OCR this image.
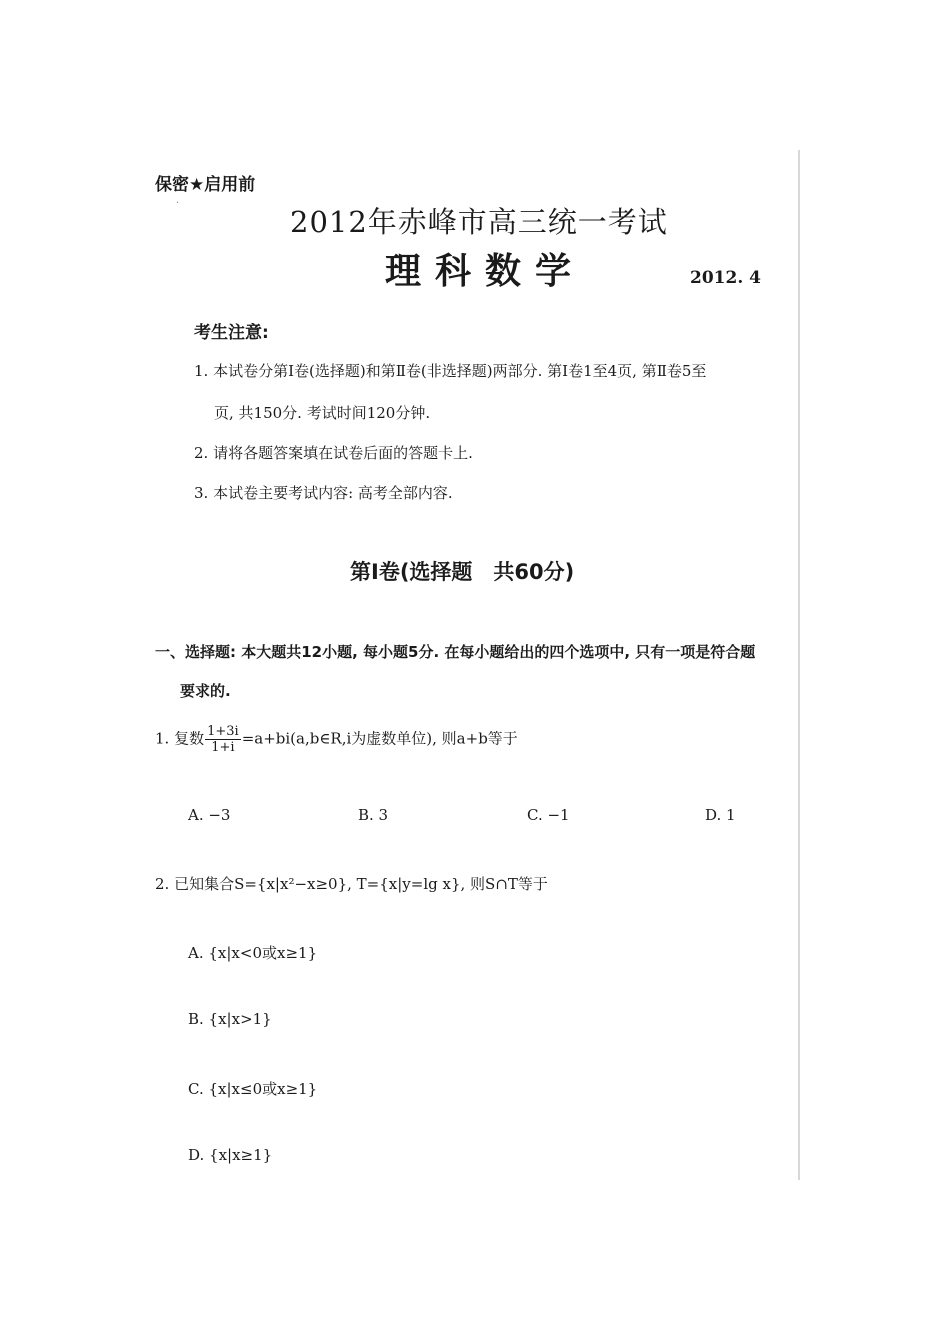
保密★启用前
·
2012年赤峰市高三统一考试
理科数学	2012. 4
考生注意:
1. 本试卷分第Ⅰ卷(选择题)和第Ⅱ卷(非选择题)两部分. 第Ⅰ卷1至4页, 第Ⅱ卷5至
页, 共150分. 考试时间120分钟.
2. 请将各题答案填在试卷后面的答题卡上.
3. 本试卷主要考试内容: 高考全部内容.
第Ⅰ卷(选择题　共60分)
一、选择题: 本大题共12小题, 每小题5分. 在每小题给出的四个选项中, 只有一项是符合题
要求的.
1. 复数 $\frac{1+3i}{1+i}$ =a+bi(a,b∈R,i为虚数单位), 则a+b等于
A. −3	B. 3	C. −1	D. 1
2. 已知集合S={x|x²−x≥0}, T={x|y=lg x}, 则S∩T等于
A. {x|x<0或x≥1}
B. {x|x>1}
C. {x|x≤0或x≥1}
D. {x|x≥1}
